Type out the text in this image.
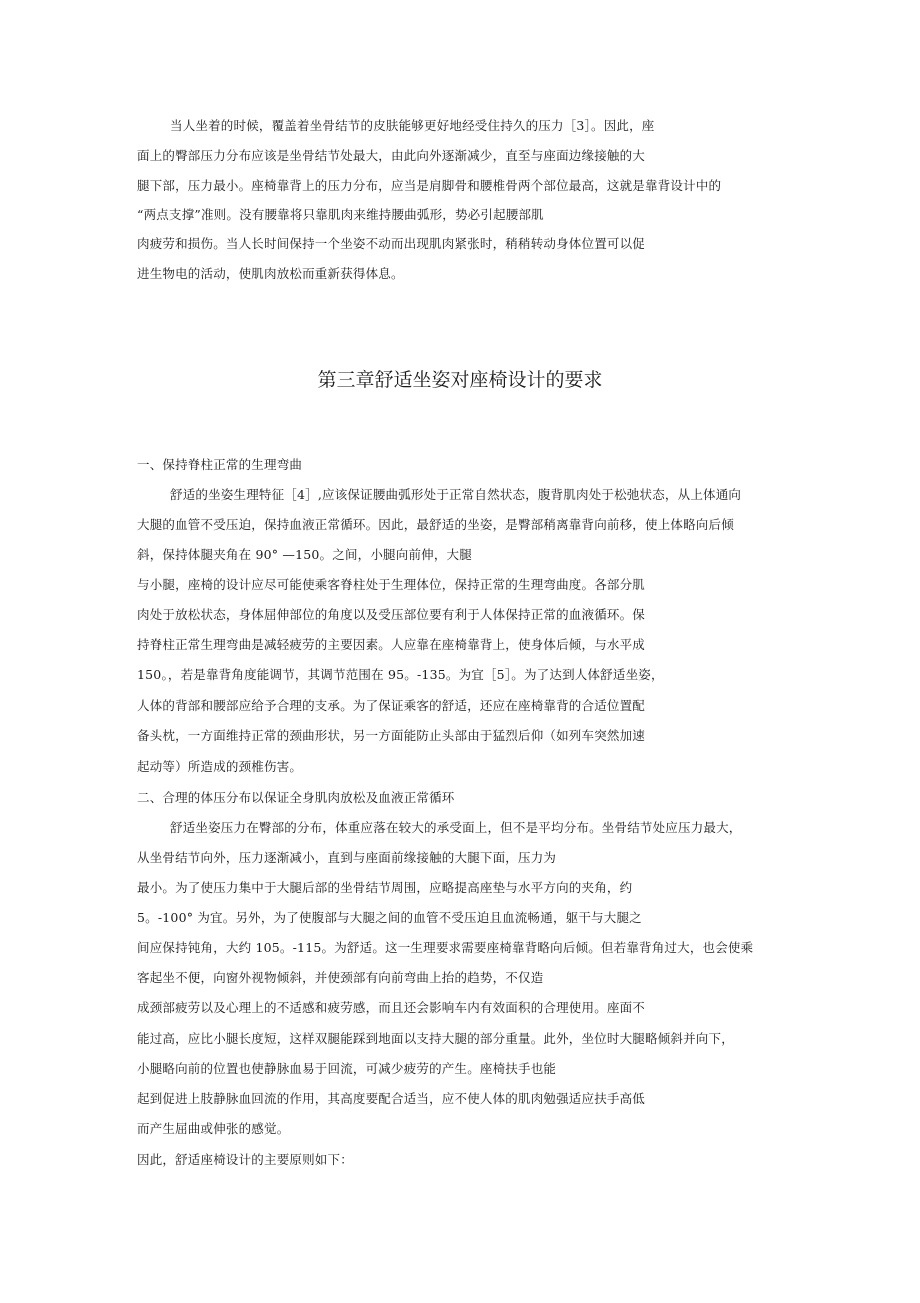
当人坐着的时候，覆盖着坐骨结节的皮肤能够更好地经受住持久的压力［3］。因此，座
面上的臀部压力分布应该是坐骨结节处最大，由此向外逐渐减少，直至与座面边缘接触的大
腿下部，压力最小。座椅靠背上的压力分布，应当是肩脚骨和腰椎骨两个部位最高，这就是靠背设计中的
“两点支撑”准则。没有腰靠将只靠肌肉来维持腰曲弧形，势必引起腰部肌
肉疲劳和损伤。当人长时间保持一个坐姿不动而出现肌肉紧张时，稍稍转动身体位置可以促
进生物电的活动，使肌肉放松而重新获得体息。
第三章舒适坐姿对座椅设计的要求
一、保持脊柱正常的生理弯曲
舒适的坐姿生理特征［4］,应该保证腰曲弧形处于正常自然状态，腹背肌肉处于松弛状态，从上体通向
大腿的血管不受压迫，保持血液正常循环。因此，最舒适的坐姿，是臀部稍离靠背向前移，使上体略向后倾
斜，保持体腿夹角在 90° —150。之间，小腿向前伸，大腿
与小腿，座椅的设计应尽可能使乘客脊柱处于生理体位，保持正常的生理弯曲度。各部分肌
肉处于放松状态，身体屈伸部位的角度以及受压部位要有利于人体保持正常的血液循环。保
持脊柱正常生理弯曲是减轻疲劳的主要因素。人应靠在座椅靠背上，使身体后倾，与水平成
150。，若是靠背角度能调节，其调节范围在 95。-135。为宜［5］。为了达到人体舒适坐姿，
人体的背部和腰部应给予合理的支承。为了保证乘客的舒适，还应在座椅靠背的合适位置配
备头枕，一方面维持正常的颈曲形状，另一方面能防止头部由于猛烈后仰（如列车突然加速
起动等）所造成的颈椎伤害。
二、合理的体压分布以保证全身肌肉放松及血液正常循环
舒适坐姿压力在臀部的分布，体重应落在较大的承受面上，但不是平均分布。坐骨结节处应压力最大，
从坐骨结节向外，压力逐渐减小，直到与座面前缘接触的大腿下面，压力为
最小。为了使压力集中于大腿后部的坐骨结节周围，应略提高座垫与水平方向的夹角，约
5。-100° 为宜。另外，为了使腹部与大腿之间的血管不受压迫且血流畅通，躯干与大腿之
间应保持钝角，大约 105。-115。为舒适。这一生理要求需要座椅靠背略向后倾。但若靠背角过大，也会使乘
客起坐不便，向窗外视物倾斜，并使颈部有向前弯曲上抬的趋势，不仅造
成颈部疲劳以及心理上的不适感和疲劳感，而且还会影响车内有效面积的合理使用。座面不
能过高，应比小腿长度短，这样双腿能踩到地面以支持大腿的部分重量。此外，坐位时大腿略倾斜并向下，
小腿略向前的位置也使静脉血易于回流，可减少疲劳的产生。座椅扶手也能
起到促进上肢静脉血回流的作用，其高度要配合适当，应不使人体的肌肉勉强适应扶手高低
而产生屈曲或伸张的感觉。
因此，舒适座椅设计的主要原则如下：
